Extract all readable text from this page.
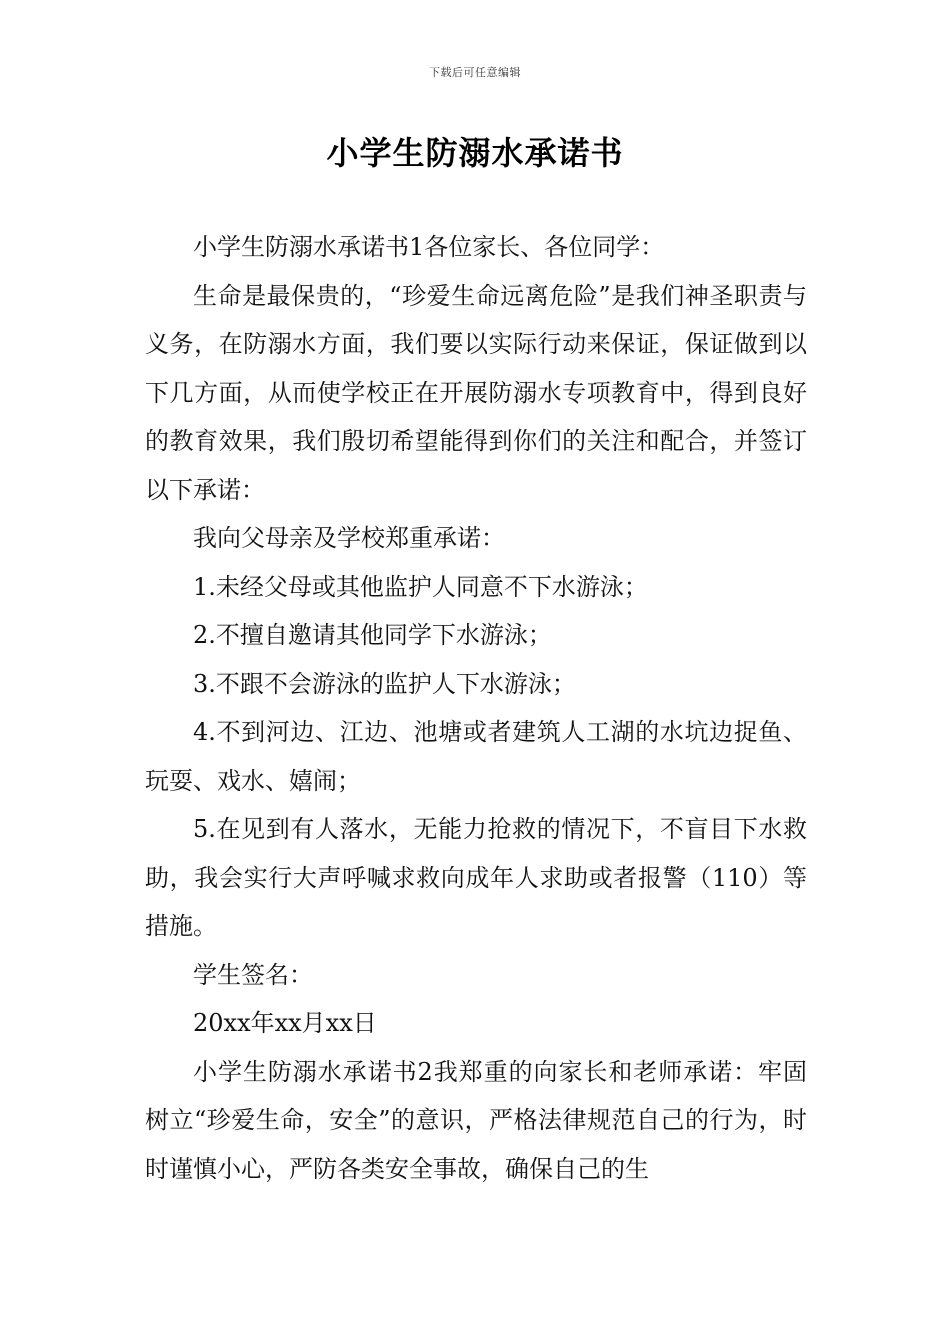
下载后可任意编辑
小学生防溺水承诺书

小学生防溺水承诺书1各位家长、各位同学：

生命是最保贵的，“珍爱生命远离危险”是我们神圣职责与义务，在防溺水方面，我们要以实际行动来保证，保证做到以下几方面，从而使学校正在开展防溺水专项教育中，得到良好的教育效果，我们殷切希望能得到你们的关注和配合，并签订以下承诺：

我向父母亲及学校郑重承诺：

1.未经父母或其他监护人同意不下水游泳；

2.不擅自邀请其他同学下水游泳；

3.不跟不会游泳的监护人下水游泳；

4.不到河边、江边、池塘或者建筑人工湖的水坑边捉鱼、玩耍、戏水、嬉闹；

5.在见到有人落水，无能力抢救的情况下，不盲目下水救助，我会实行大声呼喊求救向成年人求助或者报警（110）等措施。

学生签名：

20xx年xx月xx日

小学生防溺水承诺书2我郑重的向家长和老师承诺：牢固树立“珍爱生命，安全”的意识，严格法律规范自己的行为，时时谨慎小心，严防各类安全事故，确保自己的生
